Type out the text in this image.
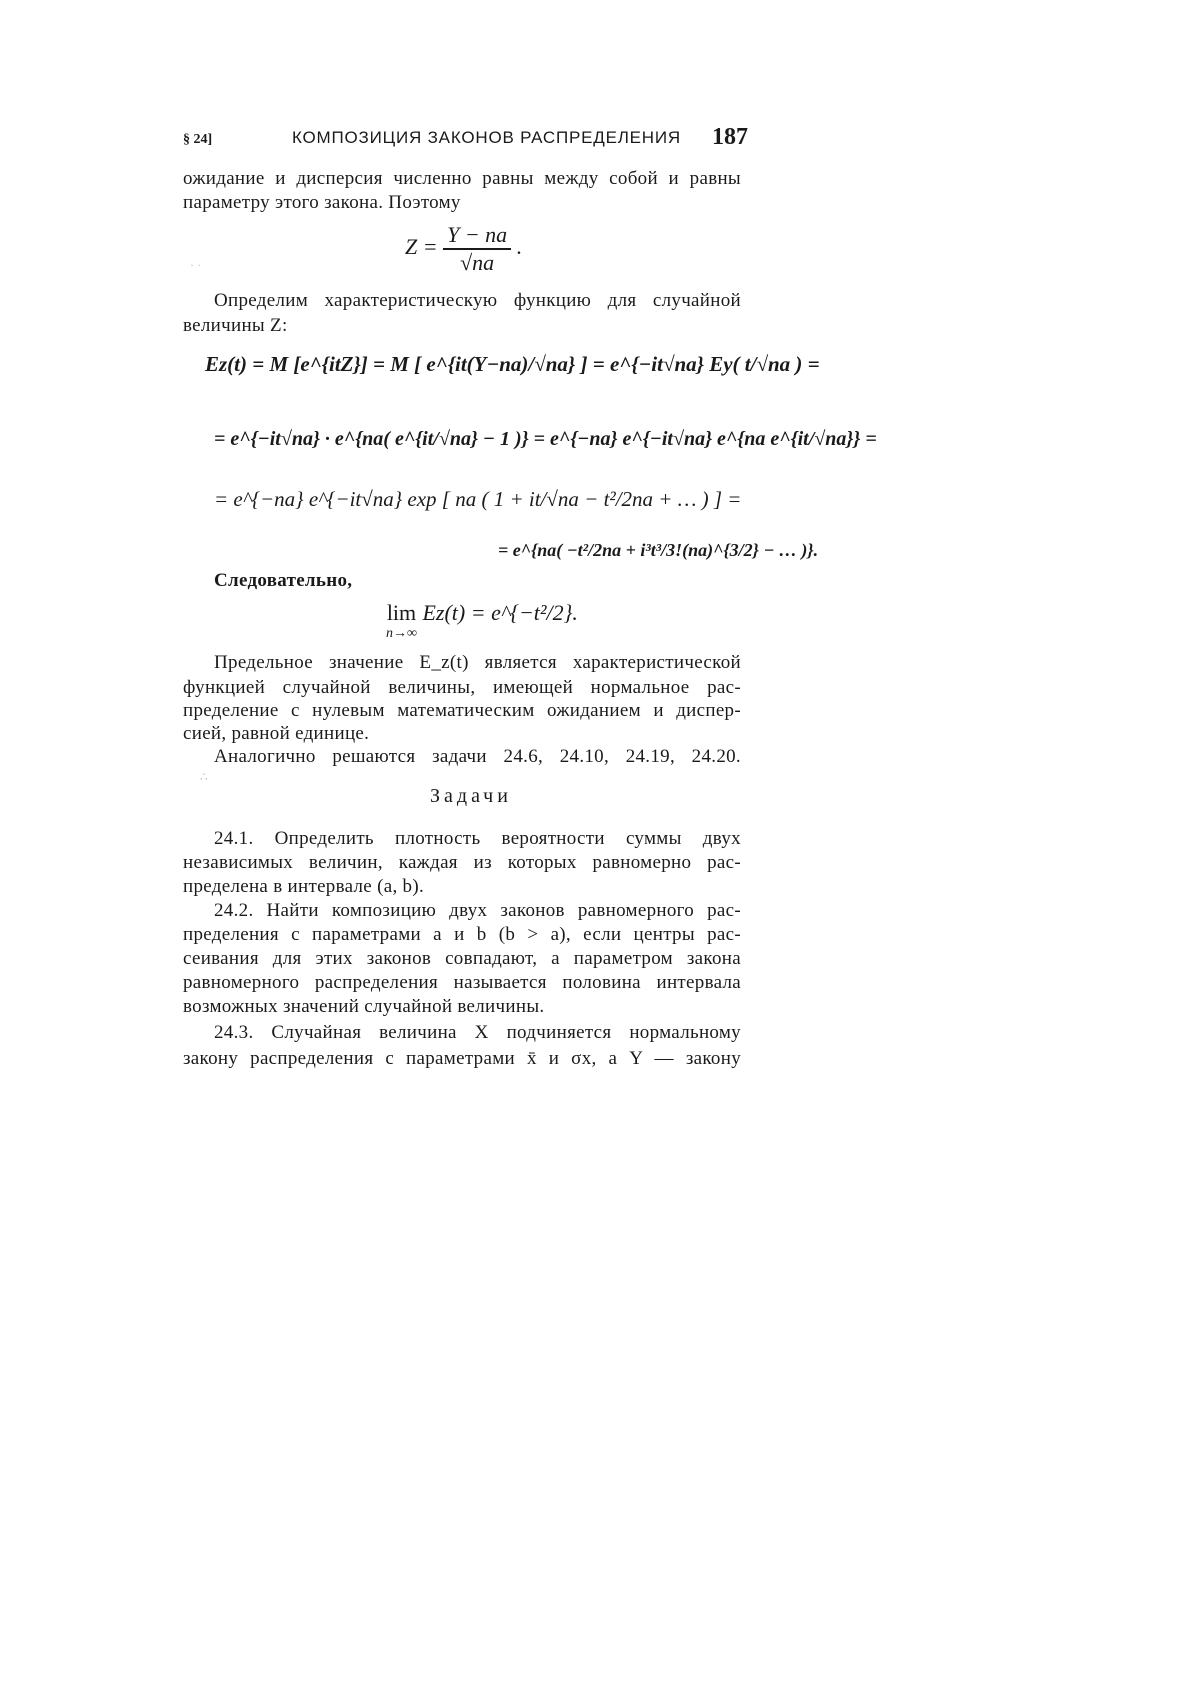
§ 24]	КОМПОЗИЦИЯ ЗАКОНОВ РАСПРЕДЕЛЕНИЯ 187
ожидание и дисперсия численно равны между собой и равны
параметру этого закона. Поэтому
$Z = \frac{Y - na}{√na}$ .
Определим характеристическую функцию для случайной
величины Z:
Ez(t) = M [e^{itZ}] = M [ e^{it(Y−na)/√na} ] = e^{−it√na} Ey( t/√na ) =
= e^{−it√na} · e^{na( e^{it/√na} − 1 )} = e^{−na} e^{−it√na} e^{na e^{it/√na}} =
= e^{−na} e^{−it√na} exp [ na ( 1 + it/√na − t²/2na + … ) ] =
= e^{na( −t²/2na + i³t³/3!(na)^{3/2} − … )}.
Следовательно,
lim
n→∞
Ez(t) = e^{−t²/2}.
Предельное значение E_z(t) является характеристической
функцией случайной величины, имеющей нормальное рас-
пределение с нулевым математическим ожиданием и диспер-
сией, равной единице.
Аналогично решаются задачи 24.6, 24.10, 24.19, 24.20.
Задачи
24.1. Определить плотность вероятности суммы двух
независимых величин, каждая из которых равномерно рас-
пределена в интервале (a, b).
24.2. Найти композицию двух законов равномерного рас-
пределения с параметрами a и b (b > a), если центры рас-
сеивания для этих законов совпадают, а параметром закона
равномерного распределения называется половина интервала
возможных значений случайной величины.
24.3. Случайная величина X подчиняется нормальному
закону распределения с параметрами x̄ и σx, а Y — закону
· ·
∴
